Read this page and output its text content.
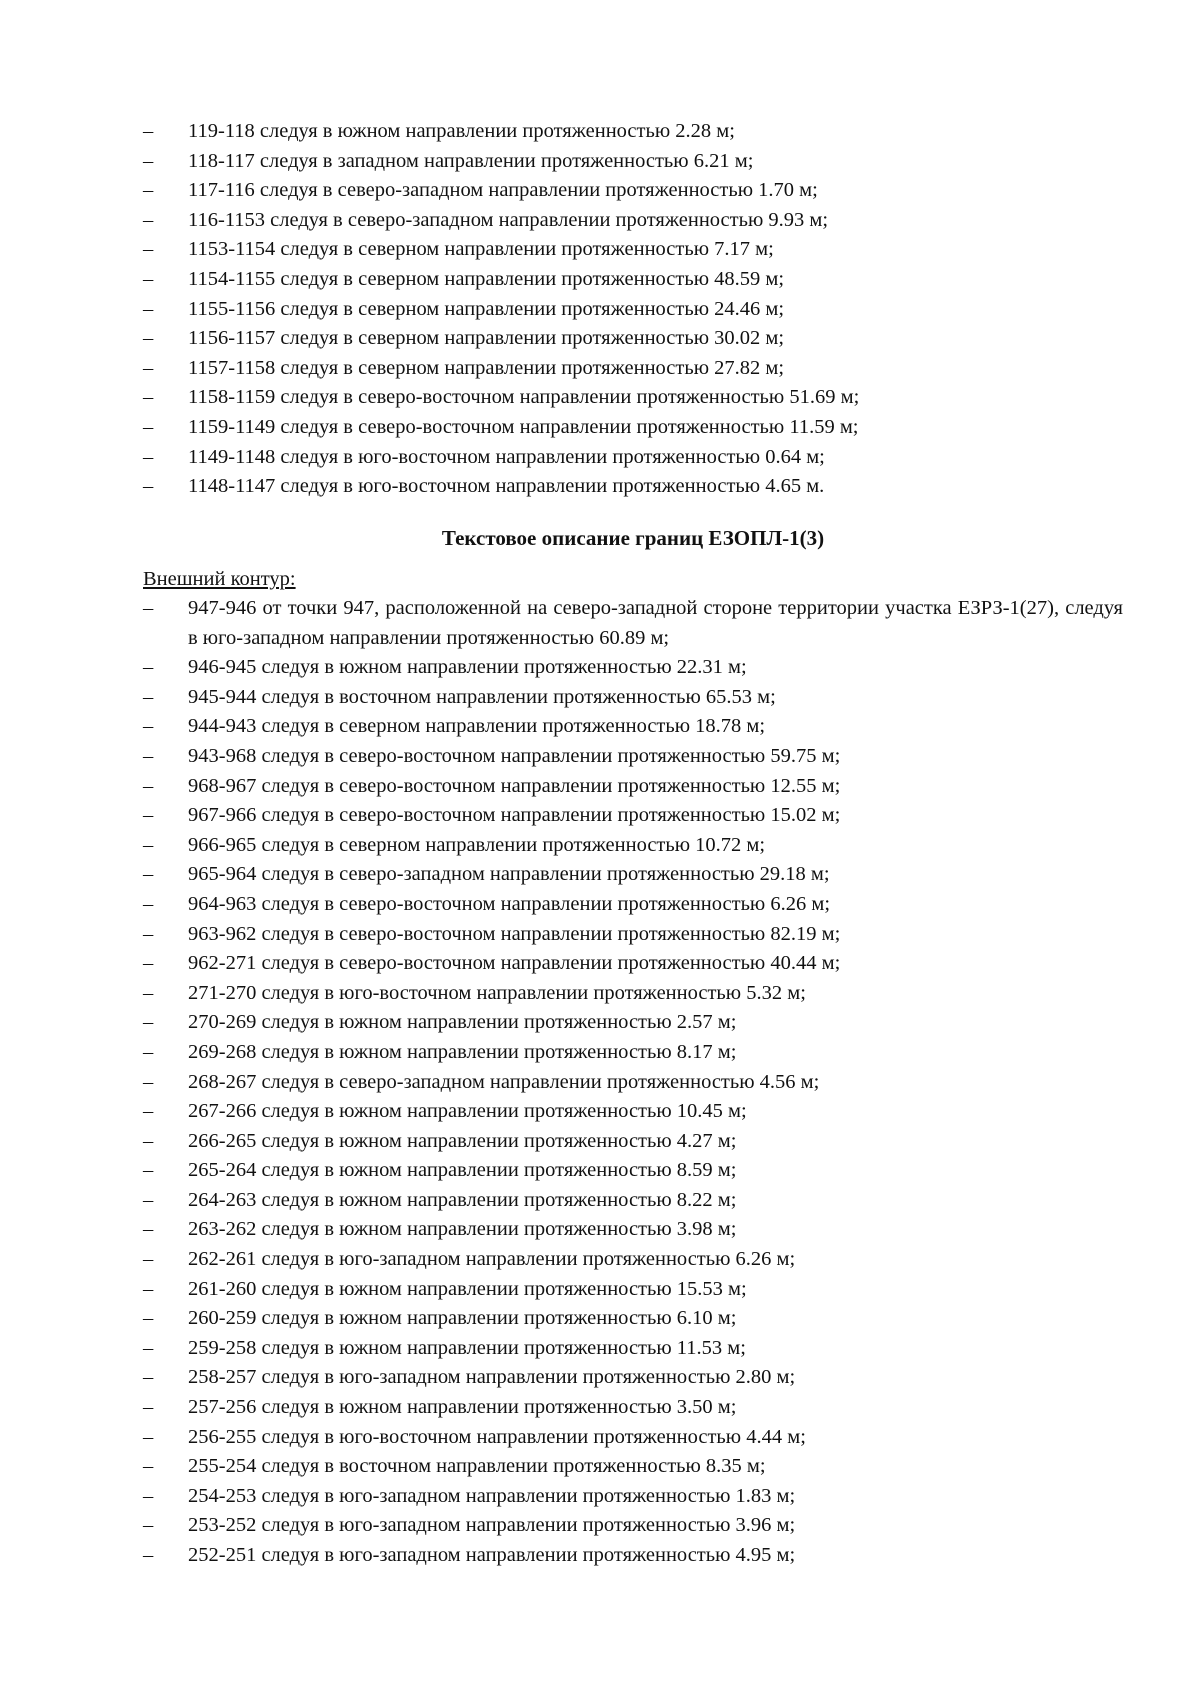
– 119-118 следуя в южном направлении протяженностью 2.28 м;
– 118-117 следуя в западном направлении протяженностью 6.21 м;
– 117-116 следуя в северо-западном направлении протяженностью 1.70 м;
– 116-1153 следуя в северо-западном направлении протяженностью 9.93 м;
– 1153-1154 следуя в северном направлении протяженностью 7.17 м;
– 1154-1155 следуя в северном направлении протяженностью 48.59 м;
– 1155-1156 следуя в северном направлении протяженностью 24.46 м;
– 1156-1157 следуя в северном направлении протяженностью 30.02 м;
– 1157-1158 следуя в северном направлении протяженностью 27.82 м;
– 1158-1159 следуя в северо-восточном направлении протяженностью 51.69 м;
– 1159-1149 следуя в северо-восточном направлении протяженностью 11.59 м;
– 1149-1148 следуя в юго-восточном направлении протяженностью 0.64 м;
– 1148-1147 следуя в юго-восточном направлении протяженностью 4.65 м.
Текстовое описание границ ЕЗОПЛ-1(3)
Внешний контур:
– 947-946 от точки 947, расположенной на северо-западной стороне территории участка ЕЗРЗ-1(27), следуя в юго-западном направлении протяженностью 60.89 м;
– 946-945 следуя в южном направлении протяженностью 22.31 м;
– 945-944 следуя в восточном направлении протяженностью 65.53 м;
– 944-943 следуя в северном направлении протяженностью 18.78 м;
– 943-968 следуя в северо-восточном направлении протяженностью 59.75 м;
– 968-967 следуя в северо-восточном направлении протяженностью 12.55 м;
– 967-966 следуя в северо-восточном направлении протяженностью 15.02 м;
– 966-965 следуя в северном направлении протяженностью 10.72 м;
– 965-964 следуя в северо-западном направлении протяженностью 29.18 м;
– 964-963 следуя в северо-восточном направлении протяженностью 6.26 м;
– 963-962 следуя в северо-восточном направлении протяженностью 82.19 м;
– 962-271 следуя в северо-восточном направлении протяженностью 40.44 м;
– 271-270 следуя в юго-восточном направлении протяженностью 5.32 м;
– 270-269 следуя в южном направлении протяженностью 2.57 м;
– 269-268 следуя в южном направлении протяженностью 8.17 м;
– 268-267 следуя в северо-западном направлении протяженностью 4.56 м;
– 267-266 следуя в южном направлении протяженностью 10.45 м;
– 266-265 следуя в южном направлении протяженностью 4.27 м;
– 265-264 следуя в южном направлении протяженностью 8.59 м;
– 264-263 следуя в южном направлении протяженностью 8.22 м;
– 263-262 следуя в южном направлении протяженностью 3.98 м;
– 262-261 следуя в юго-западном направлении протяженностью 6.26 м;
– 261-260 следуя в южном направлении протяженностью 15.53 м;
– 260-259 следуя в южном направлении протяженностью 6.10 м;
– 259-258 следуя в южном направлении протяженностью 11.53 м;
– 258-257 следуя в юго-западном направлении протяженностью 2.80 м;
– 257-256 следуя в южном направлении протяженностью 3.50 м;
– 256-255 следуя в юго-восточном направлении протяженностью 4.44 м;
– 255-254 следуя в восточном направлении протяженностью 8.35 м;
– 254-253 следуя в юго-западном направлении протяженностью 1.83 м;
– 253-252 следуя в юго-западном направлении протяженностью 3.96 м;
– 252-251 следуя в юго-западном направлении протяженностью 4.95 м;
